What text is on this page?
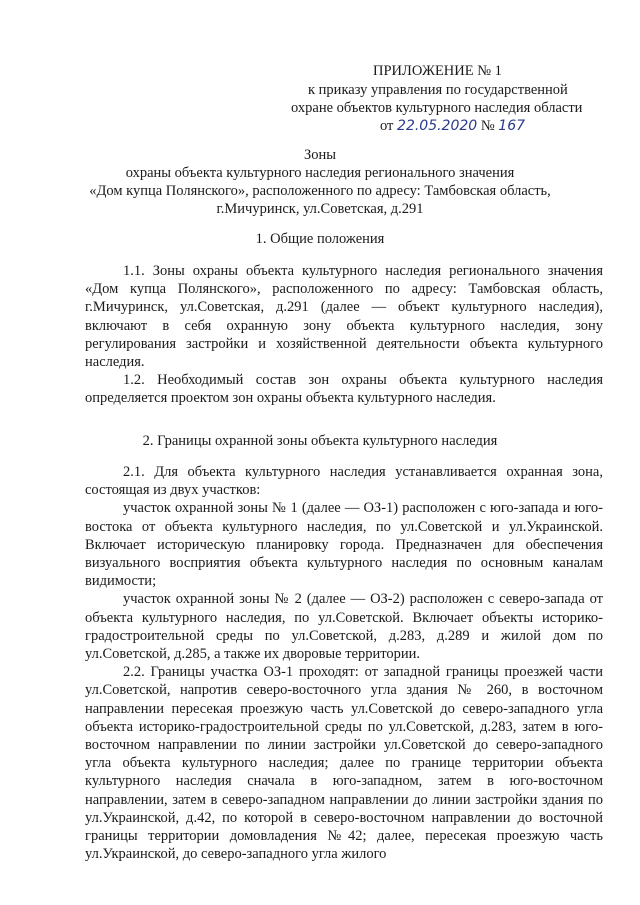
ПРИЛОЖЕНИЕ № 1
к приказу управления по государственной
охране объектов культурного наследия области
от 22.05.2020 № 167
Зоны
охраны объекта культурного наследия регионального значения
«Дом купца Полянского», расположенного по адресу: Тамбовская область,
г.Мичуринск, ул.Советская, д.291
1. Общие положения

1.1. Зоны охраны объекта культурного наследия регионального значения «Дом купца Полянского», расположенного по адресу: Тамбовская область, г.Мичуринск, ул.Советская, д.291 (далее — объект культурного наследия), включают в себя охранную зону объекта культурного наследия, зону регулирования застройки и хозяйственной деятельности объекта культурного наследия.

1.2. Необходимый состав зон охраны объекта культурного наследия определяется проектом зон охраны объекта культурного наследия.

2. Границы охранной зоны объекта культурного наследия

2.1. Для объекта культурного наследия устанавливается охранная зона, состоящая из двух участков:

участок охранной зоны № 1 (далее — ОЗ-1) расположен с юго-запада и юго-востока от объекта культурного наследия, по ул.Советской и ул.Украинской. Включает историческую планировку города. Предназначен для обеспечения визуального восприятия объекта культурного наследия по основным каналам видимости;

участок охранной зоны № 2 (далее — ОЗ-2) расположен с северо-запада от объекта культурного наследия, по ул.Советской. Включает объекты историко-градостроительной среды по ул.Советской, д.283, д.289 и жилой дом по ул.Советской, д.285, а также их дворовые территории.

2.2. Границы участка ОЗ-1 проходят: от западной границы проезжей части ул.Советской, напротив северо-восточного угла здания № 260, в восточном направлении пересекая проезжую часть ул.Советской до северо-западного угла объекта историко-градостроительной среды по ул.Советской, д.283, затем в юго-восточном направлении по линии застройки ул.Советской до северо-западного угла объекта культурного наследия; далее по границе территории объекта культурного наследия сначала в юго-западном, затем в юго-восточном направлении, затем в северо-западном направлении до линии застройки здания по ул.Украинской, д.42, по которой в северо-восточном направлении до восточной границы территории домовладения №42; далее, пересекая проезжую часть ул.Украинской, до северо-западного угла жилого
